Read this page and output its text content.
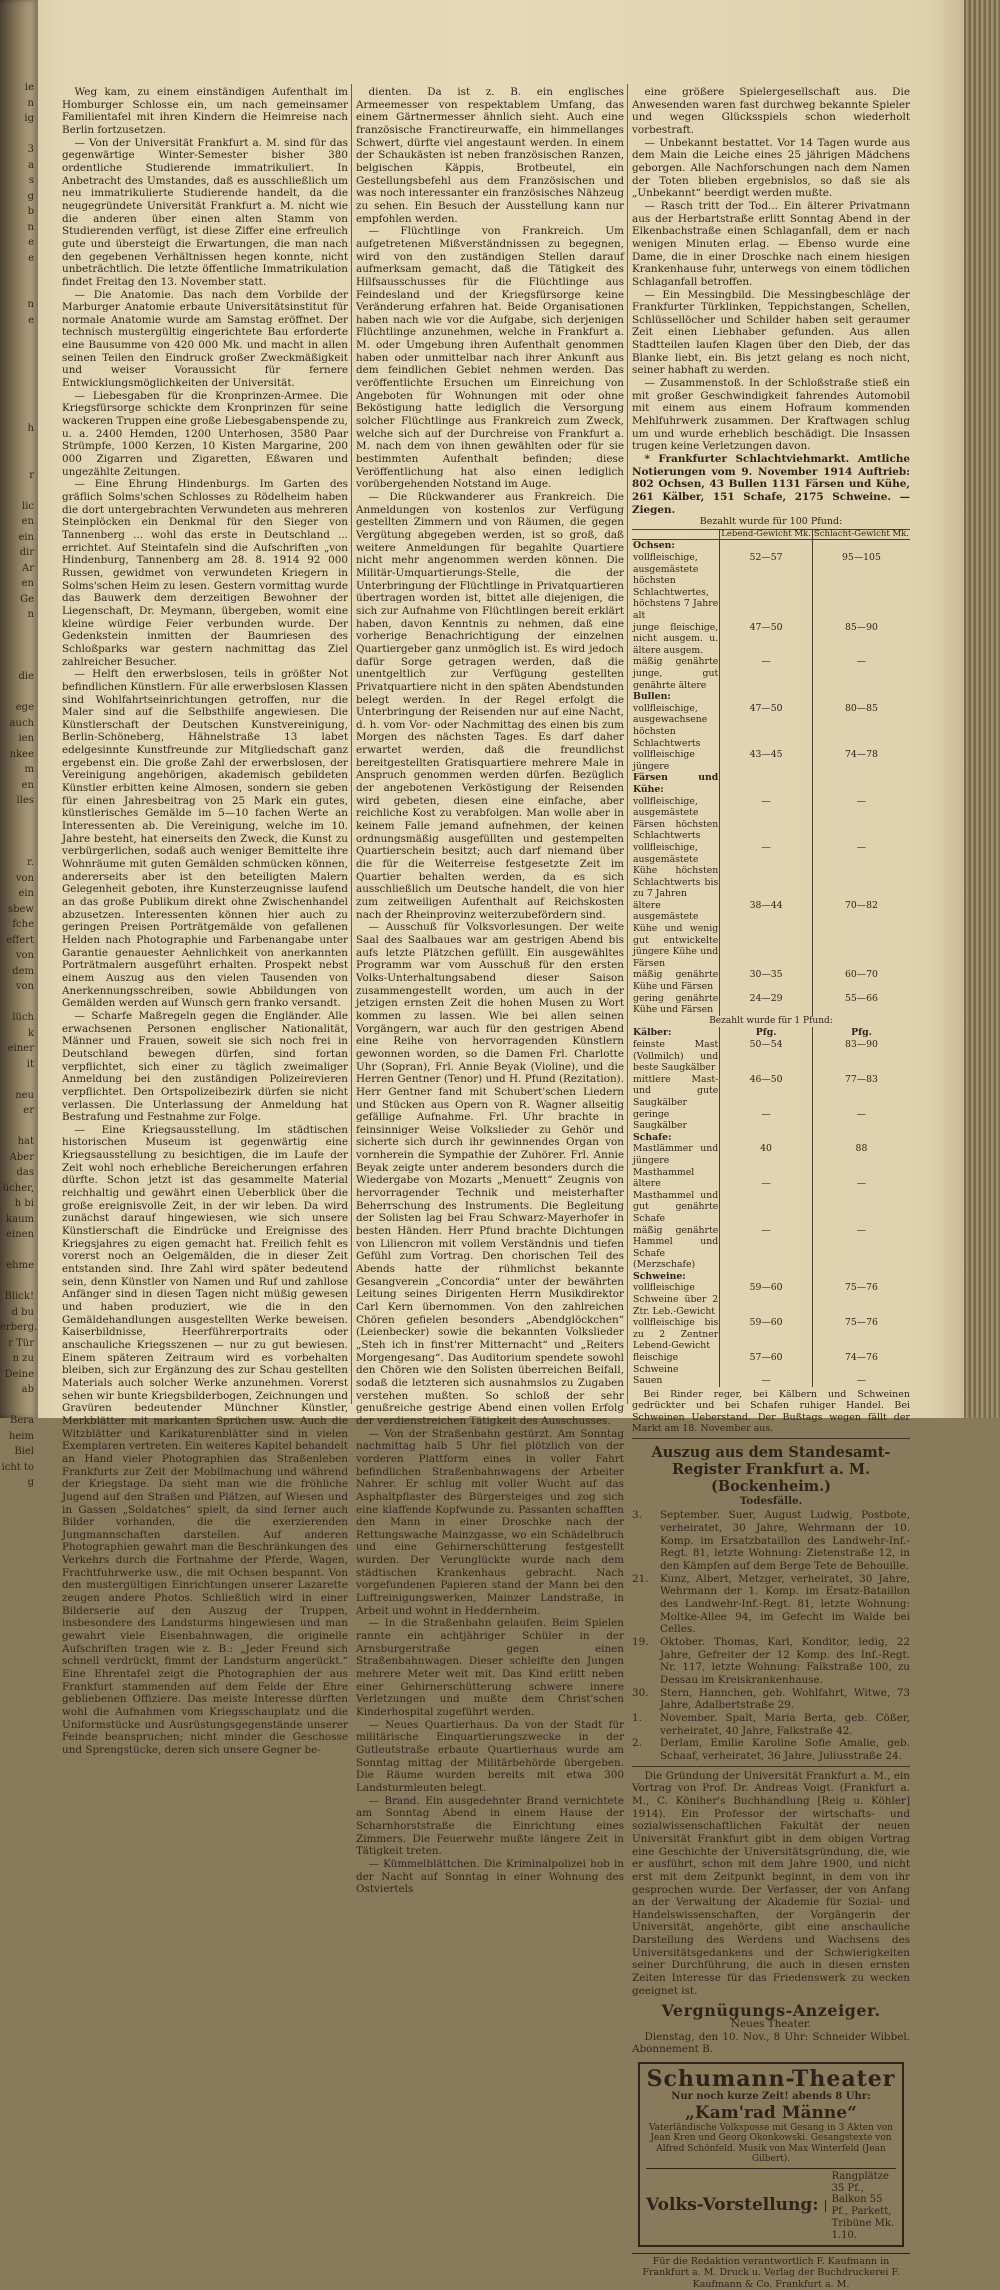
ie
n
ig
3
a
s
g
b
n
e
e
n
e
h
r
lic
en
ein
dir
Ar
en
Ge
n
die
ege
auch
ien
nkee
m
en
lles
r.
von
ein
sbew
fche
effert
von
dem
von
lüch
k
einer
it
neu
er
hat
Aber
das
ücher,
h bi
kaum
einen
ehme
Blick!
d bu
erberg.
r Tür
n zu
Deine
ab
Bera
heim
Biel
icht to
g

Weg kam, zu einem einständigen Aufenthalt im Homburger Schlosse ein, um nach gemeinsamer Familientafel mit ihren Kindern die Heimreise nach Berlin fortzusetzen.

— Von der Universität Frankfurt a. M. sind für das gegenwärtige Winter-Semester bisher 380 ordentliche Studierende immatrikuliert. In Anbetracht des Umstandes, daß es ausschließlich um neu immatrikulierte Studierende handelt, da die neugegründete Universität Frankfurt a. M. nicht wie die anderen über einen alten Stamm von Studierenden verfügt, ist diese Ziffer eine erfreulich gute und übersteigt die Erwartungen, die man nach den gegebenen Verhältnissen hegen konnte, nicht unbeträchtlich. Die letzte öffentliche Immatrikulation findet Freitag den 13. November statt.

— Die Anatomie. Das nach dem Vorbilde der Marburger Anatomie erbaute Universitätsinstitut für normale Anatomie wurde am Samstag eröffnet. Der technisch mustergültig eingerichtete Bau erforderte eine Bausumme von 420 000 Mk. und macht in allen seinen Teilen den Eindruck großer Zweckmäßigkeit und weiser Voraussicht für fernere Entwicklungsmöglichkeiten der Universität.

— Liebesgaben für die Kronprinzen-Armee. Die Kriegsfürsorge schickte dem Kronprinzen für seine wackeren Truppen eine große Liebesgabenspende zu, u. a. 2400 Hemden, 1200 Unterhosen, 3580 Paar Strümpfe, 1000 Kerzen, 10 Kisten Margarine, 200 000 Zigarren und Zigaretten, Eßwaren und ungezählte Zeitungen.

— Eine Ehrung Hindenburgs. Im Garten des gräflich Solms'schen Schlosses zu Rödelheim haben die dort untergebrachten Verwundeten aus mehreren Steinplöcken ein Denkmal für den Sieger von Tannenberg ... wohl das erste in Deutschland ... errichtet. Auf Steintafeln sind die Aufschriften „von Hindenburg, Tannenberg am 28. 8. 1914 92 000 Russen, gewidmet von verwundeten Kriegern in Solms'schen Heim zu lesen. Gestern vormittag wurde das Bauwerk dem derzeitigen Bewohner der Liegenschaft, Dr. Meymann, übergeben, womit eine kleine würdige Feier verbunden wurde. Der Gedenkstein inmitten der Baumriesen des Schloßparks war gestern nachmittag das Ziel zahlreicher Besucher.

— Helft den erwerbslosen, teils in größter Not befindlichen Künstlern. Für alle erwerbslosen Klassen sind Wohlfahrtseinrichtungen getroffen, nur die Maler sind auf die Selbsthilfe angewiesen. Die Künstlerschaft der Deutschen Kunstvereinigung, Berlin-Schöneberg, Hähnelstraße 13 labet edelgesinnte Kunstfreunde zur Mitgliedschaft ganz ergebenst ein. Die große Zahl der erwerbslosen, der Vereinigung angehörigen, akademisch gebildeten Künstler erbitten keine Almosen, sondern sie geben für einen Jahresbeitrag von 25 Mark ein gutes, künstlerisches Gemälde im 5—10 fachen Werte an Interessenten ab. Die Vereinigung, welche im 10. Jahre besteht, hat einerseits den Zweck, die Kunst zu verbürgerlichen, sodaß auch weniger Bemittelte ihre Wohnräume mit guten Gemälden schmücken können, andererseits aber ist den beteiligten Malern Gelegenheit geboten, ihre Kunsterzeugnisse laufend an das große Publikum direkt ohne Zwischenhandel abzusetzen. Interessenten können hier auch zu geringen Preisen Porträtgemälde von gefallenen Helden nach Photographie und Farbenangabe unter Garantie genauester Aehnlichkeit von anerkannten Porträtmalern ausgeführt erhalten. Prospekt nebst einem Auszug aus den vielen Tausenden von Anerkennungsschreiben, sowie Abbildungen von Gemälden werden auf Wunsch gern franko versandt.

— Scharfe Maßregeln gegen die Engländer. Alle erwachsenen Personen englischer Nationalität, Männer und Frauen, soweit sie sich noch frei in Deutschland bewegen dürfen, sind fortan verpflichtet, sich einer zu täglich zweimaliger Anmeldung bei den zuständigen Polizeirevieren verpflichtet. Den Ortspolizeibezirk dürfen sie nicht verlassen. Die Unterlassung der Anmeldung hat Bestrafung und Festnahme zur Folge.

— Eine Kriegsausstellung. Im städtischen historischen Museum ist gegenwärtig eine Kriegsausstellung zu besichtigen, die im Laufe der Zeit wohl noch erhebliche Bereicherungen erfahren dürfte. Schon jetzt ist das gesammelte Material reichhaltig und gewährt einen Ueberblick über die große ereignisvolle Zeit, in der wir leben. Da wird zunächst darauf hingewiesen, wie sich unsere Künstlerschaft die Eindrücke und Ereignisse des Kriegsjahres zu eigen gemacht hat. Freilich fehlt es vorerst noch an Oelgemälden, die in dieser Zeit entstanden sind. Ihre Zahl wird später bedeutend sein, denn Künstler von Namen und Ruf und zahllose Anfänger sind in diesen Tagen nicht müßig gewesen und haben produziert, wie die in den Gemäldehandlungen ausgestellten Werke beweisen. Kaiserbildnisse, Heerführerportraits oder anschauliche Kriegsszenen — nur zu gut bewiesen. Einem späteren Zeitraum wird es vorbehalten bleiben, sich zur Ergänzung des zur Schau gestellten Materials auch solcher Werke anzunehmen. Vorerst sehen wir bunte Kriegsbilderbogen, Zeichnungen und Gravüren bedeutender Münchner Künstler, Merkblätter mit markanten Sprüchen usw. Auch die Witzblätter und Karikaturenblätter sind in vielen Exemplaren vertreten. Ein weiteres Kapitel behandelt an Hand vieler Photographien das Straßenleben Frankfurts zur Zeit der Mobilmachung und während der Kriegstage. Da sieht man wie die fröhliche Jugend auf den Straßen und Plätzen, auf Wiesen und in Gassen „Soldatches“ spielt, da sind ferner auch Bilder vorhanden, die die exerzierenden Jungmannschaften darstellen. Auf anderen Photographien gewahrt man die Beschränkungen des Verkehrs durch die Fortnahme der Pferde, Wagen, Frachtfuhrwerke usw., die mit Ochsen bespannt. Von den mustergültigen Einrichtungen unserer Lazarette zeugen andere Photos. Schließlich wird in einer Bilderserie auf den Auszug der Truppen, insbesondere des Landsturms hingewiesen und man gewahrt viele Eisenbahnwagen, die originelle Aufschriften tragen wie z. B.: „Jeder Freund sich schnell verdrückt, fimmt der Landsturm angerückt.“ Eine Ehrentafel zeigt die Photographien der aus Frankfurt stammenden auf dem Felde der Ehre gebliebenen Offiziere. Das meiste Interesse dürften wohl die Aufnahmen vom Kriegsschauplatz und die Uniformstücke und Ausrüstungsgegenstände unserer Feinde beanspruchen; nicht minder die Geschosse und Sprengstücke, deren sich unsere Gegner be-

dienten. Da ist z. B. ein englisches Armeemesser von respektablem Umfang, das einem Gärtnermesser ähnlich sieht. Auch eine französische Franctireurwaffe, ein himmellanges Schwert, dürfte viel angestaunt werden. In einem der Schaukästen ist neben französischen Ranzen, belgischen Käppis, Brotbeutel, ein Gestellungsbefehl aus dem Französischen und was noch interessanter ein französisches Nähzeug zu sehen. Ein Besuch der Ausstellung kann nur empfohlen werden.

— Flüchtlinge von Frankreich. Um aufgetretenen Mißverständnissen zu begegnen, wird von den zuständigen Stellen darauf aufmerksam gemacht, daß die Tätigkeit des Hilfsausschusses für die Flüchtlinge aus Feindesland und der Kriegsfürsorge keine Veränderung erfahren hat. Beide Organisationen haben nach wie vor die Aufgabe, sich derjenigen Flüchtlinge anzunehmen, welche in Frankfurt a. M. oder Umgebung ihren Aufenthalt genommen haben oder unmittelbar nach ihrer Ankunft aus dem feindlichen Gebiet nehmen werden. Das veröffentlichte Ersuchen um Einreichung von Angeboten für Wohnungen mit oder ohne Beköstigung hatte lediglich die Versorgung solcher Flüchtlinge aus Frankreich zum Zweck, welche sich auf der Durchreise von Frankfurt a. M. nach dem von ihnen gewählten oder für sie bestimmten Aufenthalt befinden; diese Veröffentlichung hat also einen lediglich vorübergehenden Notstand im Auge.

— Die Rückwanderer aus Frankreich. Die Anmeldungen von kostenlos zur Verfügung gestellten Zimmern und von Räumen, die gegen Vergütung abgegeben werden, ist so groß, daß weitere Anmeldungen für begahlte Quartiere nicht mehr angenommen werden können. Die Militär-Umquartierungs-Stelle, die der Unterbringung der Flüchtlinge in Privatquartieren übertragen worden ist, bittet alle diejenigen, die sich zur Aufnahme von Flüchtlingen bereit erklärt haben, davon Kenntnis zu nehmen, daß eine vorherige Benachrichtigung der einzelnen Quartiergeber ganz unmöglich ist. Es wird jedoch dafür Sorge getragen werden, daß die unentgeltlich zur Verfügung gestellten Privatquartiere nicht in den späten Abendstunden belegt werden. In der Regel erfolgt die Unterbringung der Reisenden nur auf eine Nacht, d. h. vom Vor- oder Nachmittag des einen bis zum Morgen des nächsten Tages. Es darf daher erwartet werden, daß die freundlichst bereitgestellten Gratisquartiere mehrere Male in Anspruch genommen werden dürfen. Bezüglich der angebotenen Verköstigung der Reisenden wird gebeten, diesen eine einfache, aber reichliche Kost zu verabfolgen. Man wolle aber in keinem Falle jemand aufnehmen, der keinen ordnungsmäßig ausgefüllten und gestempelten Quartierschein besitzt; auch darf niemand über die für die Weiterreise festgesetzte Zeit im Quartier behalten werden, da es sich ausschließlich um Deutsche handelt, die von hier zum zeitweiligen Aufenthalt auf Reichskosten nach der Rheinprovinz weiterzubefördern sind.

— Ausschuß für Volksvorlesungen. Der weite Saal des Saalbaues war am gestrigen Abend bis aufs letzte Plätzchen gefüllt. Ein ausgewähltes Programm war vom Ausschuß für den ersten Volks-Unterhaltungsabend dieser Saison zusammengestellt worden, um auch in der jetzigen ernsten Zeit die hohen Musen zu Wort kommen zu lassen. Wie bei allen seinen Vorgängern, war auch für den gestrigen Abend eine Reihe von hervorragenden Künstlern gewonnen worden, so die Damen Frl. Charlotte Uhr (Sopran), Frl. Annie Beyak (Violine), und die Herren Gentner (Tenor) und H. Pfund (Rezitation). Herr Gentner fand mit Schubert'schen Liedern und Stücken aus Opern von R. Wagner allseitig gefällige Aufnahme. Frl. Uhr brachte in feinsinniger Weise Volkslieder zu Gehör und sicherte sich durch ihr gewinnendes Organ von vornherein die Sympathie der Zuhörer. Frl. Annie Beyak zeigte unter anderem besonders durch die Wiedergabe von Mozarts „Menuett“ Zeugnis von hervorragender Technik und meisterhafter Beherrschung des Instruments. Die Begleitung der Solisten lag bei Frau Schwarz-Mayerhofer in besten Händen. Herr Pfund brachte Dichtungen von Liliencron mit vollem Verständnis und tiefen Gefühl zum Vortrag. Den chorischen Teil des Abends hatte der rühmlichst bekannte Gesangverein „Concordia“ unter der bewährten Leitung seines Dirigenten Herrn Musikdirektor Carl Kern übernommen. Von den zahlreichen Chören gefielen besonders „Abendglöckchen“ (Leienbecker) sowie die bekannten Volkslieder „Steh ich in finst'rer Mitternacht“ und „Reiters Morgengesang“. Das Auditorium spendete sowohl den Chören wie den Solisten überreichen Beifall, sodaß die letzteren sich ausnahmslos zu Zugaben verstehen mußten. So schloß der sehr genußreiche gestrige Abend einen vollen Erfolg der verdienstreichen Tätigkeit des Ausschusses.

— Von der Straßenbahn gestürzt. Am Sonntag nachmittag halb 5 Uhr fiel plötzlich von der vorderen Plattform eines in voller Fahrt befindlichen Straßenbahnwagens der Arbeiter Nahrer. Er schlug mit voller Wucht auf das Asphaltpflaster des Bürgersteiges und zog sich eine klaffende Kopfwunde zu. Passanten schafften den Mann in einer Droschke nach der Rettungswache Mainzgasse, wo ein Schädelbruch und eine Gehirnerschütterung festgestellt wurden. Der Verunglückte wurde nach dem städtischen Krankenhaus gebracht. Nach vorgefundenen Papieren stand der Mann bei den Luftreinigungswerken, Mainzer Landstraße, in Arbeit und wohnt in Heddernheim.

— In die Straßenbahn gelaufen. Beim Spielen rannte ein achtjähriger Schüler in der Arnsburgerstraße gegen einen Straßenbahnwagen. Dieser schleifte den Jungen mehrere Meter weit mit. Das Kind erlitt neben einer Gehirnerschütterung schwere innere Verletzungen und mußte dem Christ'schen Kinderhospital zugeführt werden.

— Neues Quartierhaus. Da von der Stadt für militärische Einquartierungszwecke in der Gutleutstraße erbaute Quartierhaus wurde am Sonntag mittag der Militärbehörde übergeben. Die Räume wurden bereits mit etwa 300 Landsturmleuten belegt.

— Brand. Ein ausgedehnter Brand vernichtete am Sonntag Abend in einem Hause der Scharnhorststraße die Einrichtung eines Zimmers. Die Feuerwehr mußte längere Zeit in Tätigkeit treten.

— Kümmelblättchen. Die Kriminalpolizei hob in der Nacht auf Sonntag in einer Wohnung des Ostviertels

eine größere Spielergesellschaft aus. Die Anwesenden waren fast durchweg bekannte Spieler und wegen Glücksspiels schon wiederholt vorbestraft.

— Unbekannt bestattet. Vor 14 Tagen wurde aus dem Main die Leiche eines 25 jährigen Mädchens geborgen. Alle Nachforschungen nach dem Namen der Toten blieben ergebnislos, so daß sie als „Unbekannt“ beerdigt werden mußte.

— Rasch tritt der Tod... Ein älterer Privatmann aus der Herbartstraße erlitt Sonntag Abend in der Elkenbachstraße einen Schlaganfall, dem er nach wenigen Minuten erlag. — Ebenso wurde eine Dame, die in einer Droschke nach einem hiesigen Krankenhause fuhr, unterwegs von einem tödlichen Schlaganfall betroffen.

— Ein Messingbild. Die Messingbeschläge der Frankfurter Türklinken, Teppichstangen, Schellen, Schlüssellöcher und Schilder haben seit geraumer Zeit einen Liebhaber gefunden. Aus allen Stadtteilen laufen Klagen über den Dieb, der das Blanke liebt, ein. Bis jetzt gelang es noch nicht, seiner habhaft zu werden.

— Zusammenstoß. In der Schloßstraße stieß ein mit großer Geschwindigkeit fahrendes Automobil mit einem aus einem Hofraum kommenden Mehlfuhrwerk zusammen. Der Kraftwagen schlug um und wurde erheblich beschädigt. Die Insassen trugen keine Verletzungen davon.

* Frankfurter Schlachtviehmarkt. Amtliche Notierungen vom 9. November 1914 Auftrieb: 802 Ochsen, 43 Bullen 1131 Färsen und Kühe, 261 Kälber, 151 Schafe, 2175 Schweine. — Ziegen.

Bezahlt wurde für 100 Pfund:
	Lebend-Gewicht Mk.	Schlacht-Gewicht Mk.
Ochsen:		
vollfleischige, ausgemästete höchsten Schlachtwertes, höchstens 7 Jahre alt	52—57	95—105
junge fleischige, nicht ausgem. u. ältere ausgem.	47—50	85—90
mäßig genährte junge, gut genährte ältere	—	—
Bullen:		
vollfleischige, ausgewachsene höchsten Schlachtwerts	47—50	80—85
vollfleischige jüngere	43—45	74—78
Färsen und Kühe:		
vollfleischige, ausgemästete Färsen höchsten Schlachtwerts	—	—
vollfleischige, ausgemästete Kühe höchsten Schlachtwerts bis zu 7 Jahren	—	—
ältere ausgemästete Kühe und wenig gut entwickelte jüngere Kühe und Färsen	38—44	70—82
mäßig genährte Kühe und Färsen	30—35	60—70
gering genährte Kühe und Färsen	24—29	55—66
Bezahlt wurde für 1 Pfund:		
Kälber:	Pfg.	Pfg.
feinste Mast (Vollmilch) und beste Saugkälber	50—54	83—90
mittlere Mast- und gute Saugkälber	46—50	77—83
geringe Saugkälber	—	—
Schafe:		
Mastlämmer und jüngere Masthammel	40	88
ältere Masthammel und gut genährte Schafe	—	—
mäßig genährte Hammel und Schafe (Merzschafe)	—	—
Schweine:		
vollfleischige Schweine über 2 Ztr. Leb.-Gewicht	59—60	75—76
vollfleischige bis zu 2 Zentner Lebend-Gewicht	59—60	75—76
fleischige Schweine	57—60	74—76
Sauen	—	—

Bei Rinder reger, bei Kälbern und Schweinen gedrückter und bei Schafen ruhiger Handel. Bei Schweinen Ueberstand. Der Bußtags wegen fällt der Markt am 18. November aus.

Auszug aus dem Standesamt-Register Frankfurt a. M. (Bockenheim.)
Todesfälle.
3.	September. Suer, August Ludwig, Postbote, verheiratet, 30 Jahre, Wehrmann der 10. Komp. im Ersatzbataillon des Landwehr-Inf.-Regt. 81, letzte Wohnung: Zietenstraße 12, in den Kämpfen auf dem Berge Tete de Behouille.
21.	Kunz, Albert, Metzger, verheiratet, 30 Jahre, Wehrmann der 1. Komp. im Ersatz-Bataillon des Landwehr-Inf.-Regt. 81, letzte Wohnung: Moltke-Allee 94, im Gefecht im Walde bei Celles.
19.	Oktober. Thomas, Karl, Konditor, ledig, 22 Jahre, Gefreiter der 12 Komp. des Inf.-Regt. Nr. 117, letzte Wohnung: Falkstraße 100, zu Dessau im Kreiskrankenhause.
30.	Stern, Hannchen, geb. Wohlfahrt, Witwe, 73 Jahre, Adalbertstraße 29.
1.	November. Spalt, Maria Berta, geb. Cößer, verheiratet, 40 Jahre, Falkstraße 42.
2.	Derlam, Emilie Karoline Sofie Amalie, geb. Schaaf, verheiratet, 36 Jahre, Juliusstraße 24.

Die Gründung der Universität Frankfurt a. M., ein Vortrag von Prof. Dr. Andreas Voigt. (Frankfurt a. M., C. Köniher's Buchhandlung [Reig u. Köhler] 1914). Ein Professor der wirtschafts- und sozialwissenschaftlichen Fakultät der neuen Universität Frankfurt gibt in dem obigen Vortrag eine Geschichte der Universitätsgründung, die, wie er ausführt, schon mit dem Jahre 1900, und nicht erst mit dem Zeitpunkt beginnt, in dem von ihr gesprochen wurde. Der Verfasser, der von Anfang an der Verwaltung der Akademie für Sozial- und Handelswissenschaften, der Vorgängerin der Universität, angehörte, gibt eine anschauliche Darstellung des Werdens und Wachsens des Universitätsgedankens und der Schwierigkeiten seiner Durchführung, die auch in diesen ernsten Zeiten Interesse für das Friedenswerk zu wecken geeignet ist.

Vergnügungs-Anzeiger.
Neues Theater.
Dienstag, den 10. Nov., 8 Uhr: Schneider Wibbel. Abonnement B.
Schumann-Theater
Nur noch kurze Zeit! abends 8 Uhr:
„Kam'rad Männe“
Vaterländische Volksposse mit Gesang in 3 Akten von Jean Kren und Georg Okonkowski. Gesangstexte von Alfred Schönfeld. Musik von Max Winterfeld (Jean Gilbert).
Volks-Vorstellung:
Rangplätze 35 Pf., Balkon 55 Pf., Parkett, Tribüne Mk. 1.10.
Für die Redaktion verantwortlich F. Kaufmann in Frankfurt a. M. Druck u. Verlag der Buchdruckerei F. Kaufmann & Co. Frankfurt a. M.
